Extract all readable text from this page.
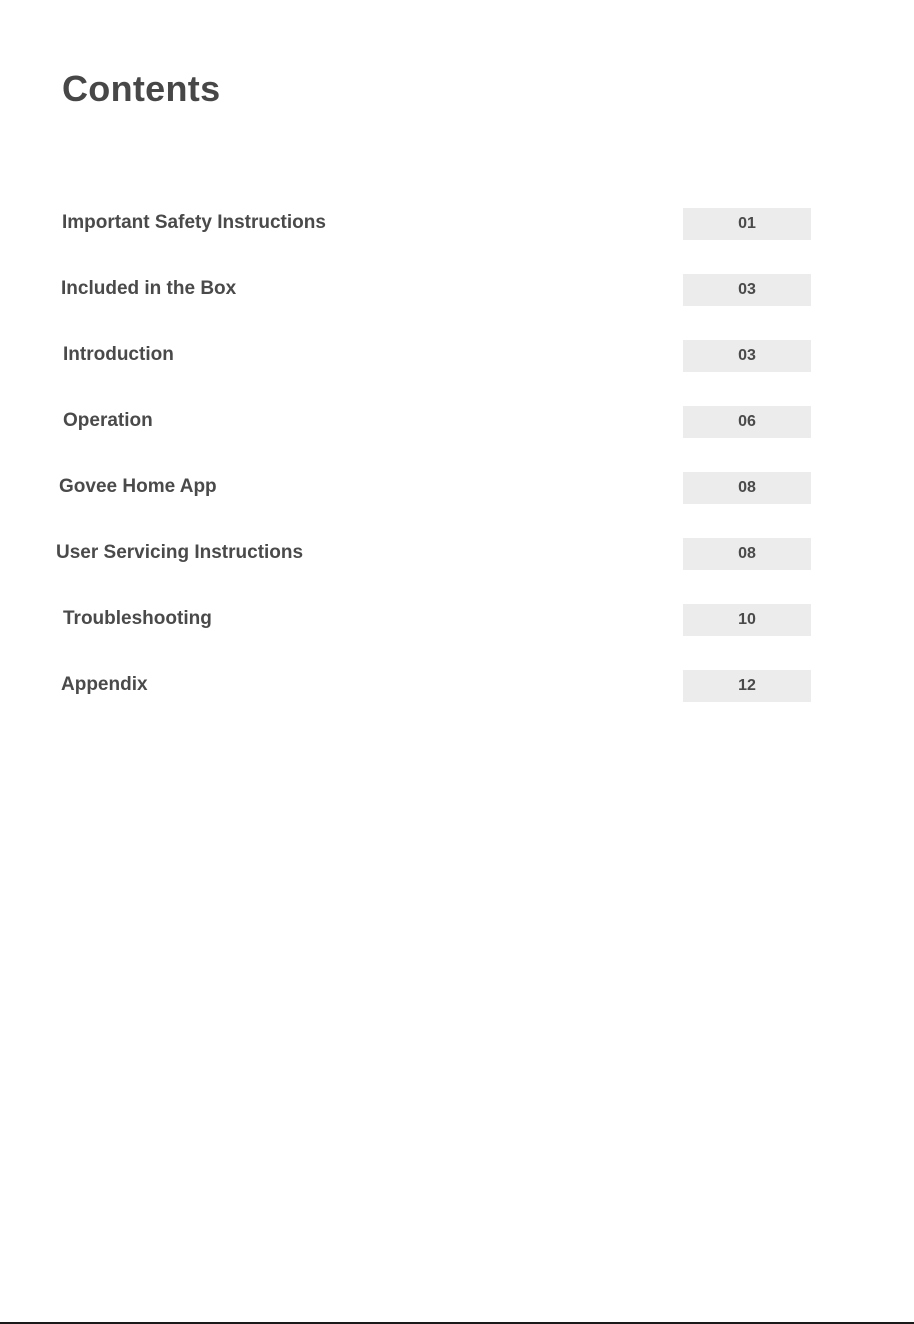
Contents
Important Safety Instructions	01
Included in the Box	03
Introduction	03
Operation	06
Govee Home App	08
User Servicing Instructions	08
Troubleshooting	10
Appendix	12
